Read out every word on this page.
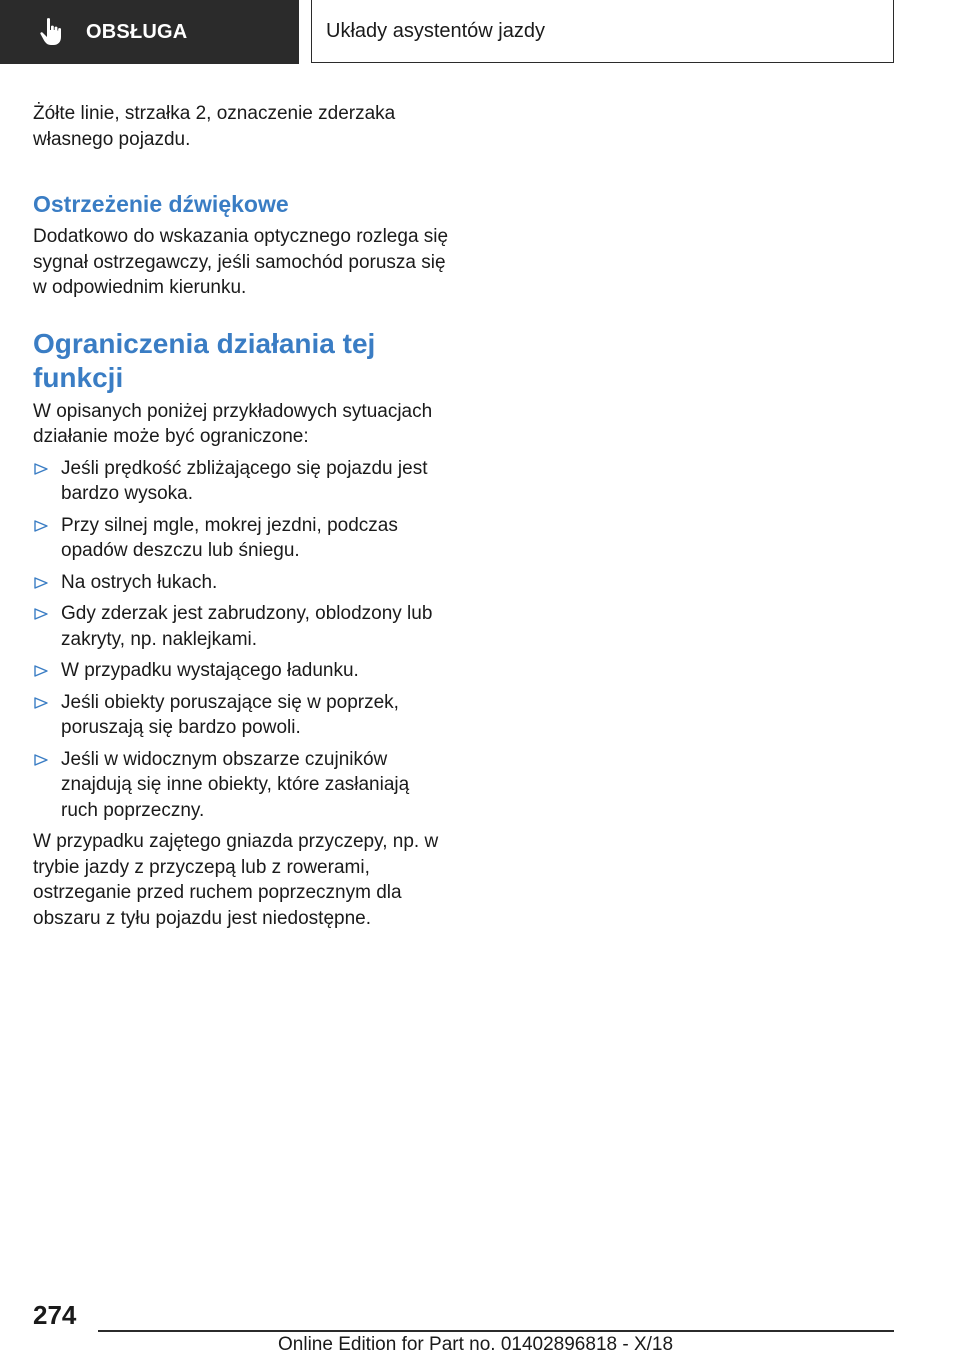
OBSŁUGA	Układy asystentów jazdy

Żółte linie, strzałka 2, oznaczenie zderzaka własnego pojazdu.

Ostrzeżenie dźwiękowe

Dodatkowo do wskazania optycznego rozlega się sygnał ostrzegawczy, jeśli samochód porusza się w odpowiednim kierunku.

Ograniczenia działania tej funkcji

W opisanych poniżej przykładowych sytuacjach działanie może być ograniczone:

Jeśli prędkość zbliżającego się pojazdu jest bardzo wysoka.
Przy silnej mgle, mokrej jezdni, podczas opadów deszczu lub śniegu.
Na ostrych łukach.
Gdy zderzak jest zabrudzony, oblodzony lub zakryty, np. naklejkami.
W przypadku wystającego ładunku.
Jeśli obiekty poruszające się w poprzek, poruszają się bardzo powoli.
Jeśli w widocznym obszarze czujników znajdują się inne obiekty, które zasłaniają ruch poprzeczny.

W przypadku zajętego gniazda przyczepy, np. w trybie jazdy z przyczepą lub z rowerami, ostrzeganie przed ruchem poprzecznym dla obszaru z tyłu pojazdu jest niedostępne.

274
Online Edition for Part no. 01402896818 - X/18
